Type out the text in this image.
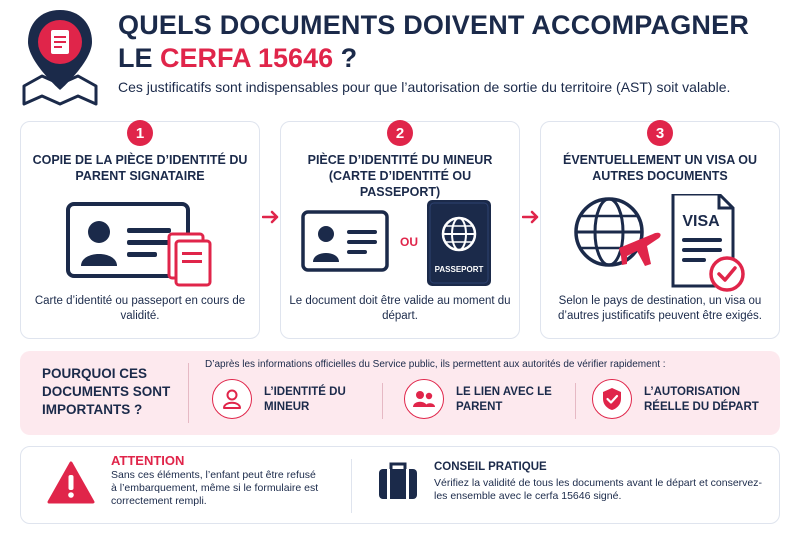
QUELS DOCUMENTS DOIVENT ACCOMPAGNER
LE CERFA 15646 ?
Ces justificatifs sont indispensables pour que l’autorisation de sortie du territoire (AST) soit valable.
1
COPIE DE LA PIÈCE D’IDENTITÉ DU PARENT SIGNATAIRE
Carte d’identité ou passeport en cours de validité.
2
PIÈCE D’IDENTITÉ DU MINEUR (CARTE D’IDENTITÉ OU PASSEPORT)
OU
PASSEPORT
Le document doit être valide au moment du départ.
3
ÉVENTUELLEMENT UN VISA OU AUTRES DOCUMENTS
VISA
Selon le pays de destination, un visa ou d’autres justificatifs peuvent être exigés.
POURQUOI CES DOCUMENTS SONT IMPORTANTS ?
D’après les informations officielles du Service public, ils permettent aux autorités de vérifier rapidement :
L’IDENTITÉ DU MINEUR
LE LIEN AVEC LE PARENT
L’AUTORISATION RÉELLE DU DÉPART
ATTENTION
Sans ces éléments, l’enfant peut être refusé à l’embarquement, même si le formulaire est correctement rempli.
CONSEIL PRATIQUE
Vérifiez la validité de tous les documents avant le départ et conservez-les ensemble avec le cerfa 15646 signé.
